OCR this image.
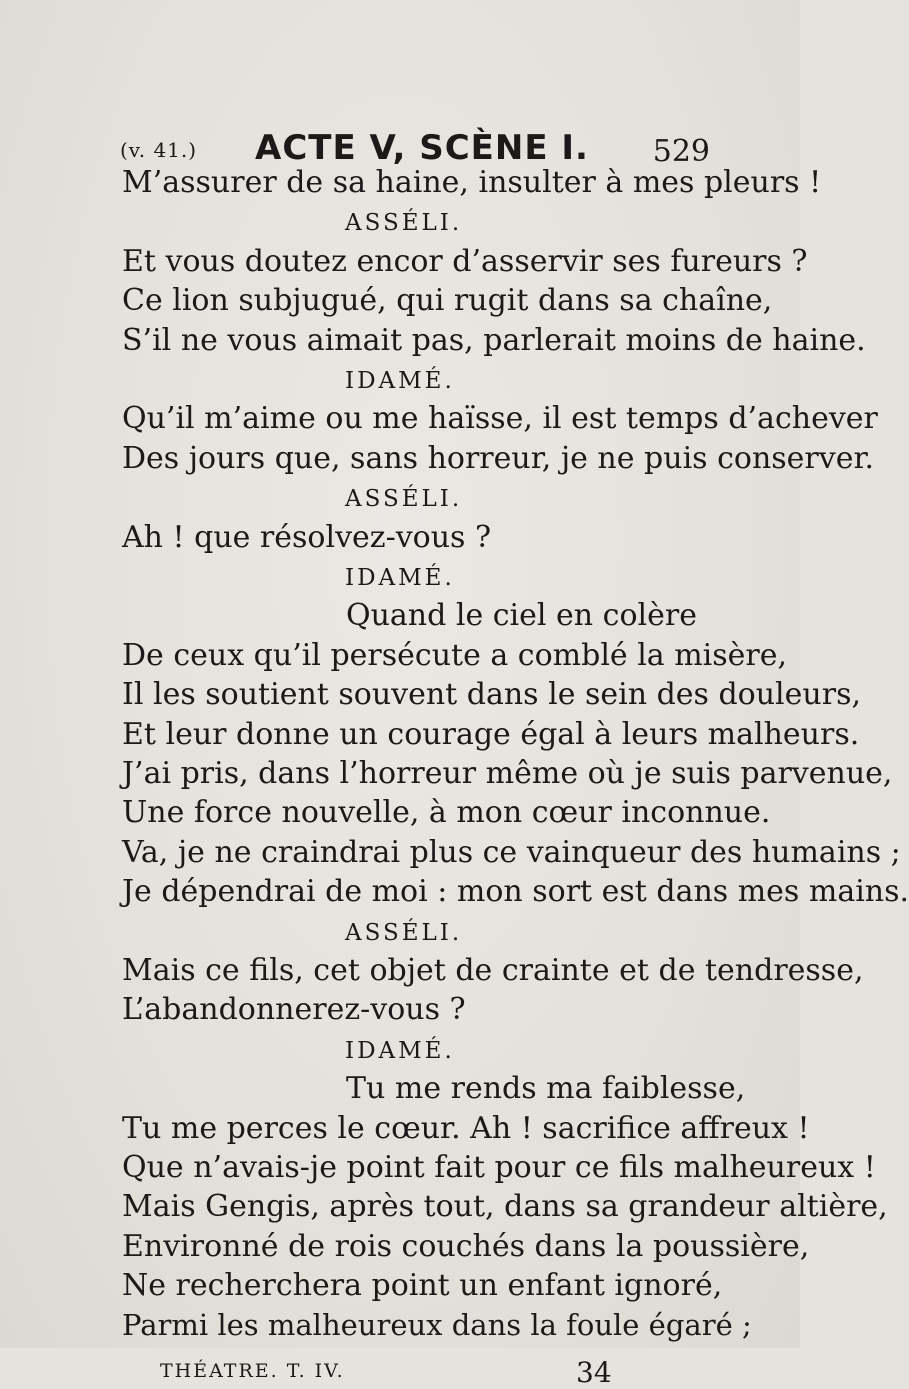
(v. 41.) ACTE V, SCÈNE I. 529
M’assurer de sa haine, insulter à mes pleurs !
ASSÉLI.
Et vous doutez encor d’asservir ses fureurs ?
Ce lion subjugué, qui rugit dans sa chaîne,
S’il ne vous aimait pas, parlerait moins de haine.
IDAMÉ.
Qu’il m’aime ou me haïsse, il est temps d’achever
Des jours que, sans horreur, je ne puis conserver.
ASSÉLI.
Ah ! que résolvez-vous ?
IDAMÉ.
Quand le ciel en colère
De ceux qu’il persécute a comblé la misère,
Il les soutient souvent dans le sein des douleurs,
Et leur donne un courage égal à leurs malheurs.
J’ai pris, dans l’horreur même où je suis parvenue,
Une force nouvelle, à mon cœur inconnue.
Va, je ne craindrai plus ce vainqueur des humains ;
Je dépendrai de moi : mon sort est dans mes mains.
ASSÉLI.
Mais ce fils, cet objet de crainte et de tendresse,
L’abandonnerez-vous ?
IDAMÉ.
Tu me rends ma faiblesse,
Tu me perces le cœur. Ah ! sacrifice affreux !
Que n’avais-je point fait pour ce fils malheureux !
Mais Gengis, après tout, dans sa grandeur altière,
Environné de rois couchés dans la poussière,
Ne recherchera point un enfant ignoré,
Parmi les malheureux dans la foule égaré ;
THÉATRE. T. IV.	34
